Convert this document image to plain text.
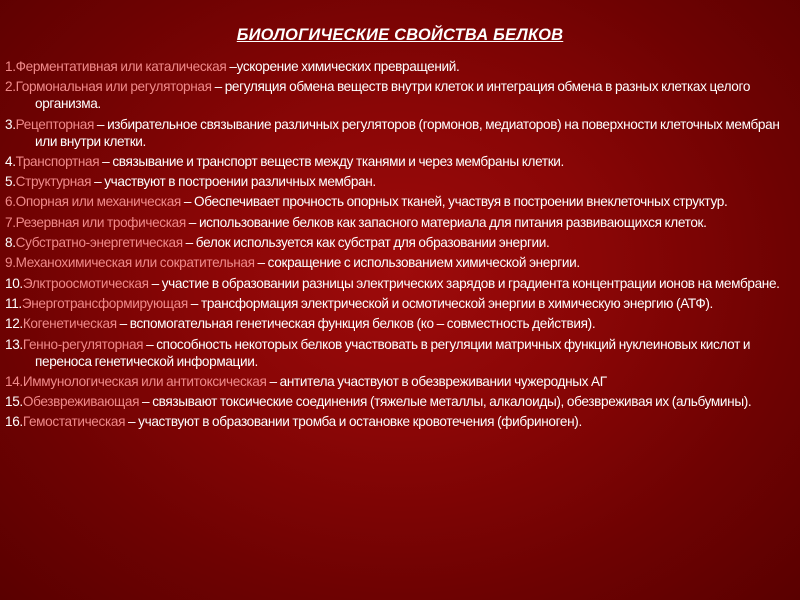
БИОЛОГИЧЕСКИЕ СВОЙСТВА БЕЛКОВ
1.Ферментативная или каталическая –ускорение химических превращений.
2.Гормональная или регуляторная – регуляция обмена веществ внутри клеток и интеграция обмена в разных клетках целого организма.
3.Рецепторная – избирательное связывание различных регуляторов (гормонов, медиаторов) на поверхности клеточных мембран или внутри клетки.
4.Транспортная – связывание и транспорт веществ между тканями и через мембраны клетки.
5.Структурная – участвуют в построении различных мембран.
6.Опорная или механическая – Обеспечивает прочность опорных тканей, участвуя в построении внеклеточных структур.
7.Резервная или трофическая – использование белков как запасного материала для питания развивающихся клеток.
8.Субстратно-энергетическая – белок используется как субстрат для образовании энергии.
9.Механохимическая или сократительная – сокращение с использованием химической энергии.
10.Элктроосмотическая – участие в образовании разницы электрических зарядов и градиента концентрации ионов на мембране.
11.Энерготрансформирующая – трансформация электрической и осмотической энергии в химическую энергию (АТФ).
12.Когенетическая – вспомогательная генетическая функция белков (ко – совместность действия).
13.Генно-регуляторная – способность некоторых белков участвовать в регуляции матричных функций нуклеиновых кислот и переноса генетической информации.
14.Иммунологическая или антитоксическая – антитела участвуют в обезвреживании чужеродных АГ
15.Обезвреживающая – связывают токсические соединения (тяжелые металлы, алкалоиды), обезвреживая их (альбумины).
16.Гемостатическая – участвуют в образовании тромба и остановке кровотечения (фибриноген).
